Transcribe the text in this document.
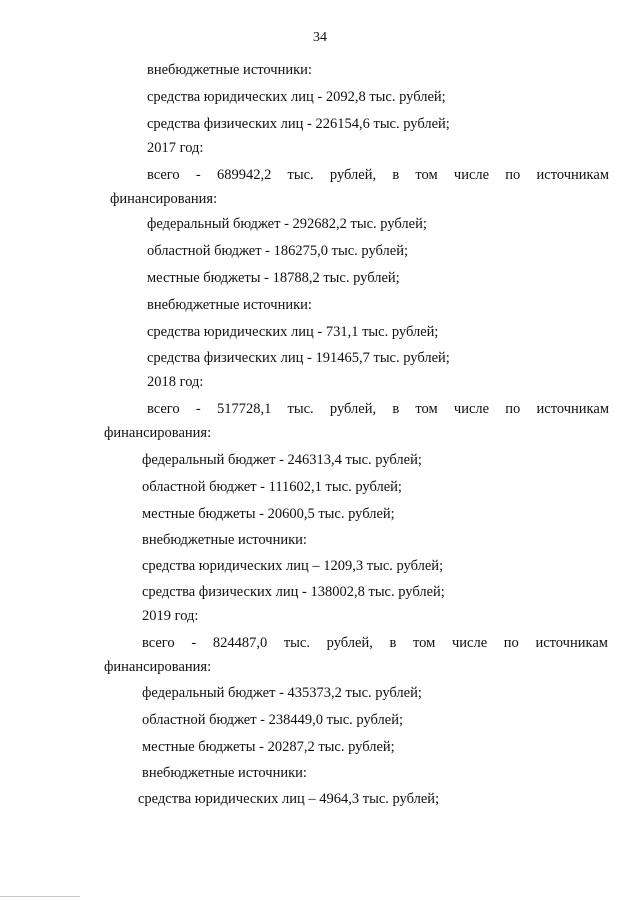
34
внебюджетные источники:
средства юридических лиц - 2092,8 тыс. рублей;
средства физических лиц - 226154,6 тыс. рублей;
2017 год:
всего - 689942,2 тыс. рублей, в том числе по источникам
финансирования:
федеральный бюджет - 292682,2 тыс. рублей;
областной бюджет - 186275,0 тыс. рублей;
местные бюджеты - 18788,2 тыс. рублей;
внебюджетные источники:
средства юридических лиц - 731,1 тыс. рублей;
средства физических лиц - 191465,7 тыс. рублей;
2018 год:
всего - 517728,1 тыс. рублей, в том числе по источникам
финансирования:
федеральный бюджет - 246313,4 тыс. рублей;
областной бюджет - 111602,1 тыс. рублей;
местные бюджеты - 20600,5 тыс. рублей;
внебюджетные источники:
средства юридических лиц – 1209,3 тыс. рублей;
средства физических лиц - 138002,8 тыс. рублей;
2019 год:
всего - 824487,0 тыс. рублей, в том числе по источникам
финансирования:
федеральный бюджет - 435373,2 тыс. рублей;
областной бюджет - 238449,0 тыс. рублей;
местные бюджеты - 20287,2 тыс. рублей;
внебюджетные источники:
средства юридических лиц – 4964,3 тыс. рублей;
